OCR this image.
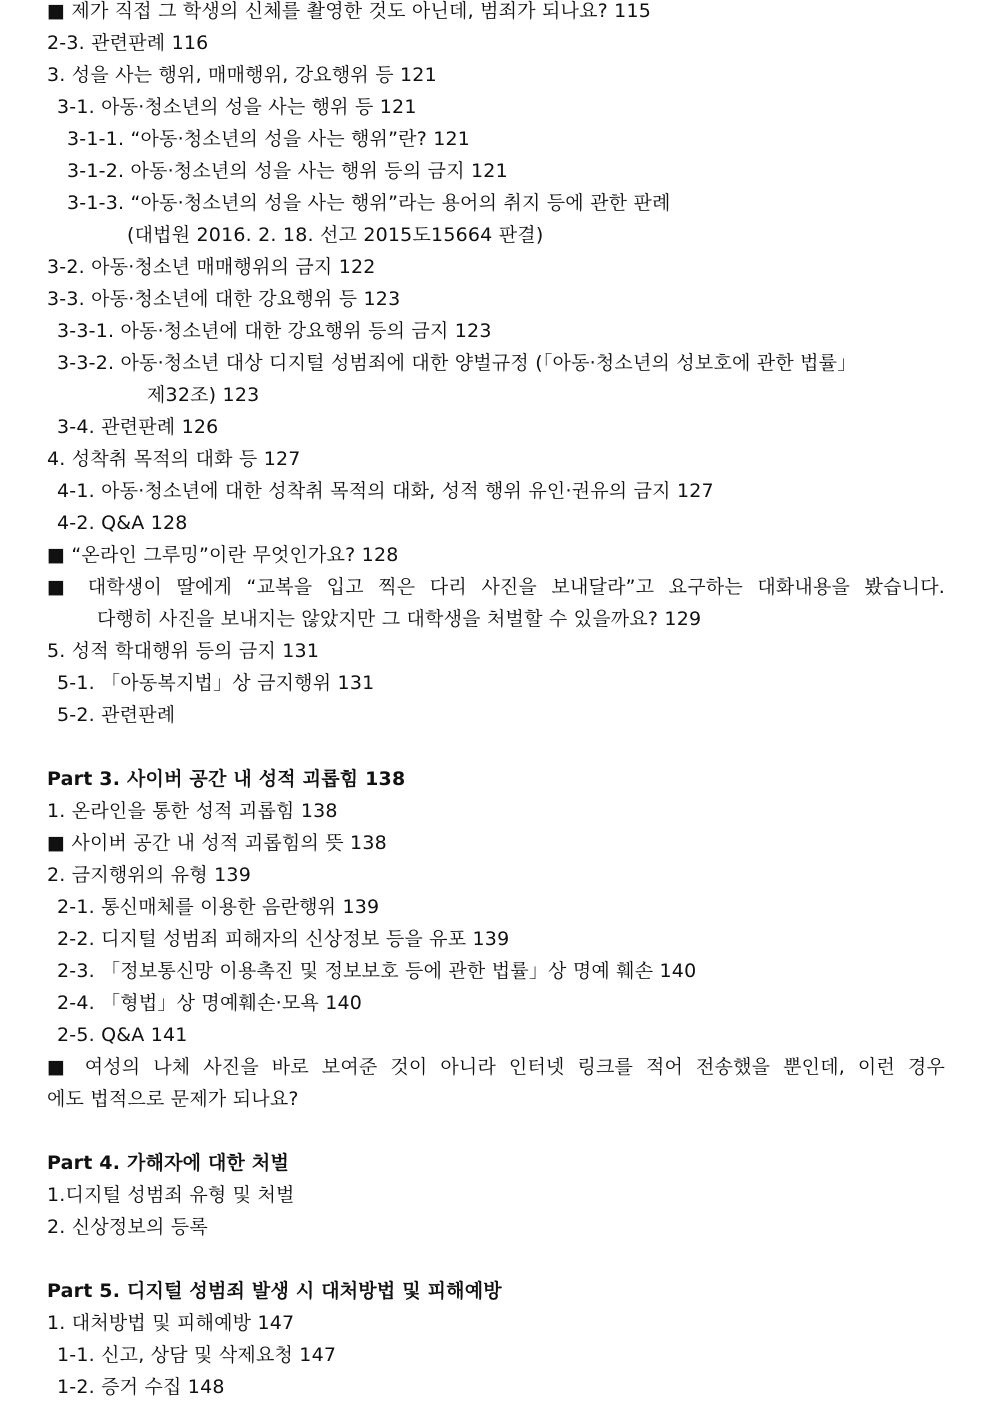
■ 제가 직접 그 학생의 신체를 촬영한 것도 아닌데, 범죄가 되나요? 115
2-3. 관련판례 116
3. 성을 사는 행위, 매매행위, 강요행위 등 121
3-1. 아동·청소년의 성을 사는 행위 등 121
3-1-1. “아동·청소년의 성을 사는 행위”란? 121
3-1-2. 아동·청소년의 성을 사는 행위 등의 금지 121
3-1-3. “아동·청소년의 성을 사는 행위”라는 용어의 취지 등에 관한 판례
(대법원 2016. 2. 18. 선고 2015도15664 판결)
3-2. 아동·청소년 매매행위의 금지 122
3-3. 아동·청소년에 대한 강요행위 등 123
3-3-1. 아동·청소년에 대한 강요행위 등의 금지 123
3-3-2. 아동·청소년 대상 디지털 성범죄에 대한 양벌규정 (「아동·청소년의 성보호에 관한 법률」
제32조) 123
3-4. 관련판례 126
4. 성착취 목적의 대화 등 127
4-1. 아동·청소년에 대한 성착취 목적의 대화, 성적 행위 유인·권유의 금지 127
4-2. Q&A 128
■ “온라인 그루밍”이란 무엇인가요? 128
■ 대학생이 딸에게 “교복을 입고 찍은 다리 사진을 보내달라”고 요구하는 대화내용을 봤습니다.
다행히 사진을 보내지는 않았지만 그 대학생을 처벌할 수 있을까요? 129
5. 성적 학대행위 등의 금지 131
5-1. 「아동복지법」상 금지행위 131
5-2. 관련판례
Part 3. 사이버 공간 내 성적 괴롭힘 138
1. 온라인을 통한 성적 괴롭힘 138
■ 사이버 공간 내 성적 괴롭힘의 뜻 138
2. 금지행위의 유형 139
2-1. 통신매체를 이용한 음란행위 139
2-2. 디지털 성범죄 피해자의 신상정보 등을 유포 139
2-3. 「정보통신망 이용촉진 및 정보보호 등에 관한 법률」상 명예 훼손 140
2-4. 「형법」상 명예훼손·모욕 140
2-5. Q&A 141
■ 여성의 나체 사진을 바로 보여준 것이 아니라 인터넷 링크를 적어 전송했을 뿐인데, 이런 경우
에도 법적으로 문제가 되나요?
Part 4. 가해자에 대한 처벌
1.디지털 성범죄 유형 및 처벌
2. 신상정보의 등록
Part 5. 디지털 성범죄 발생 시 대처방법 및 피해예방
1. 대처방법 및 피해예방 147
1-1. 신고, 상담 및 삭제요청 147
1-2. 증거 수집 148
